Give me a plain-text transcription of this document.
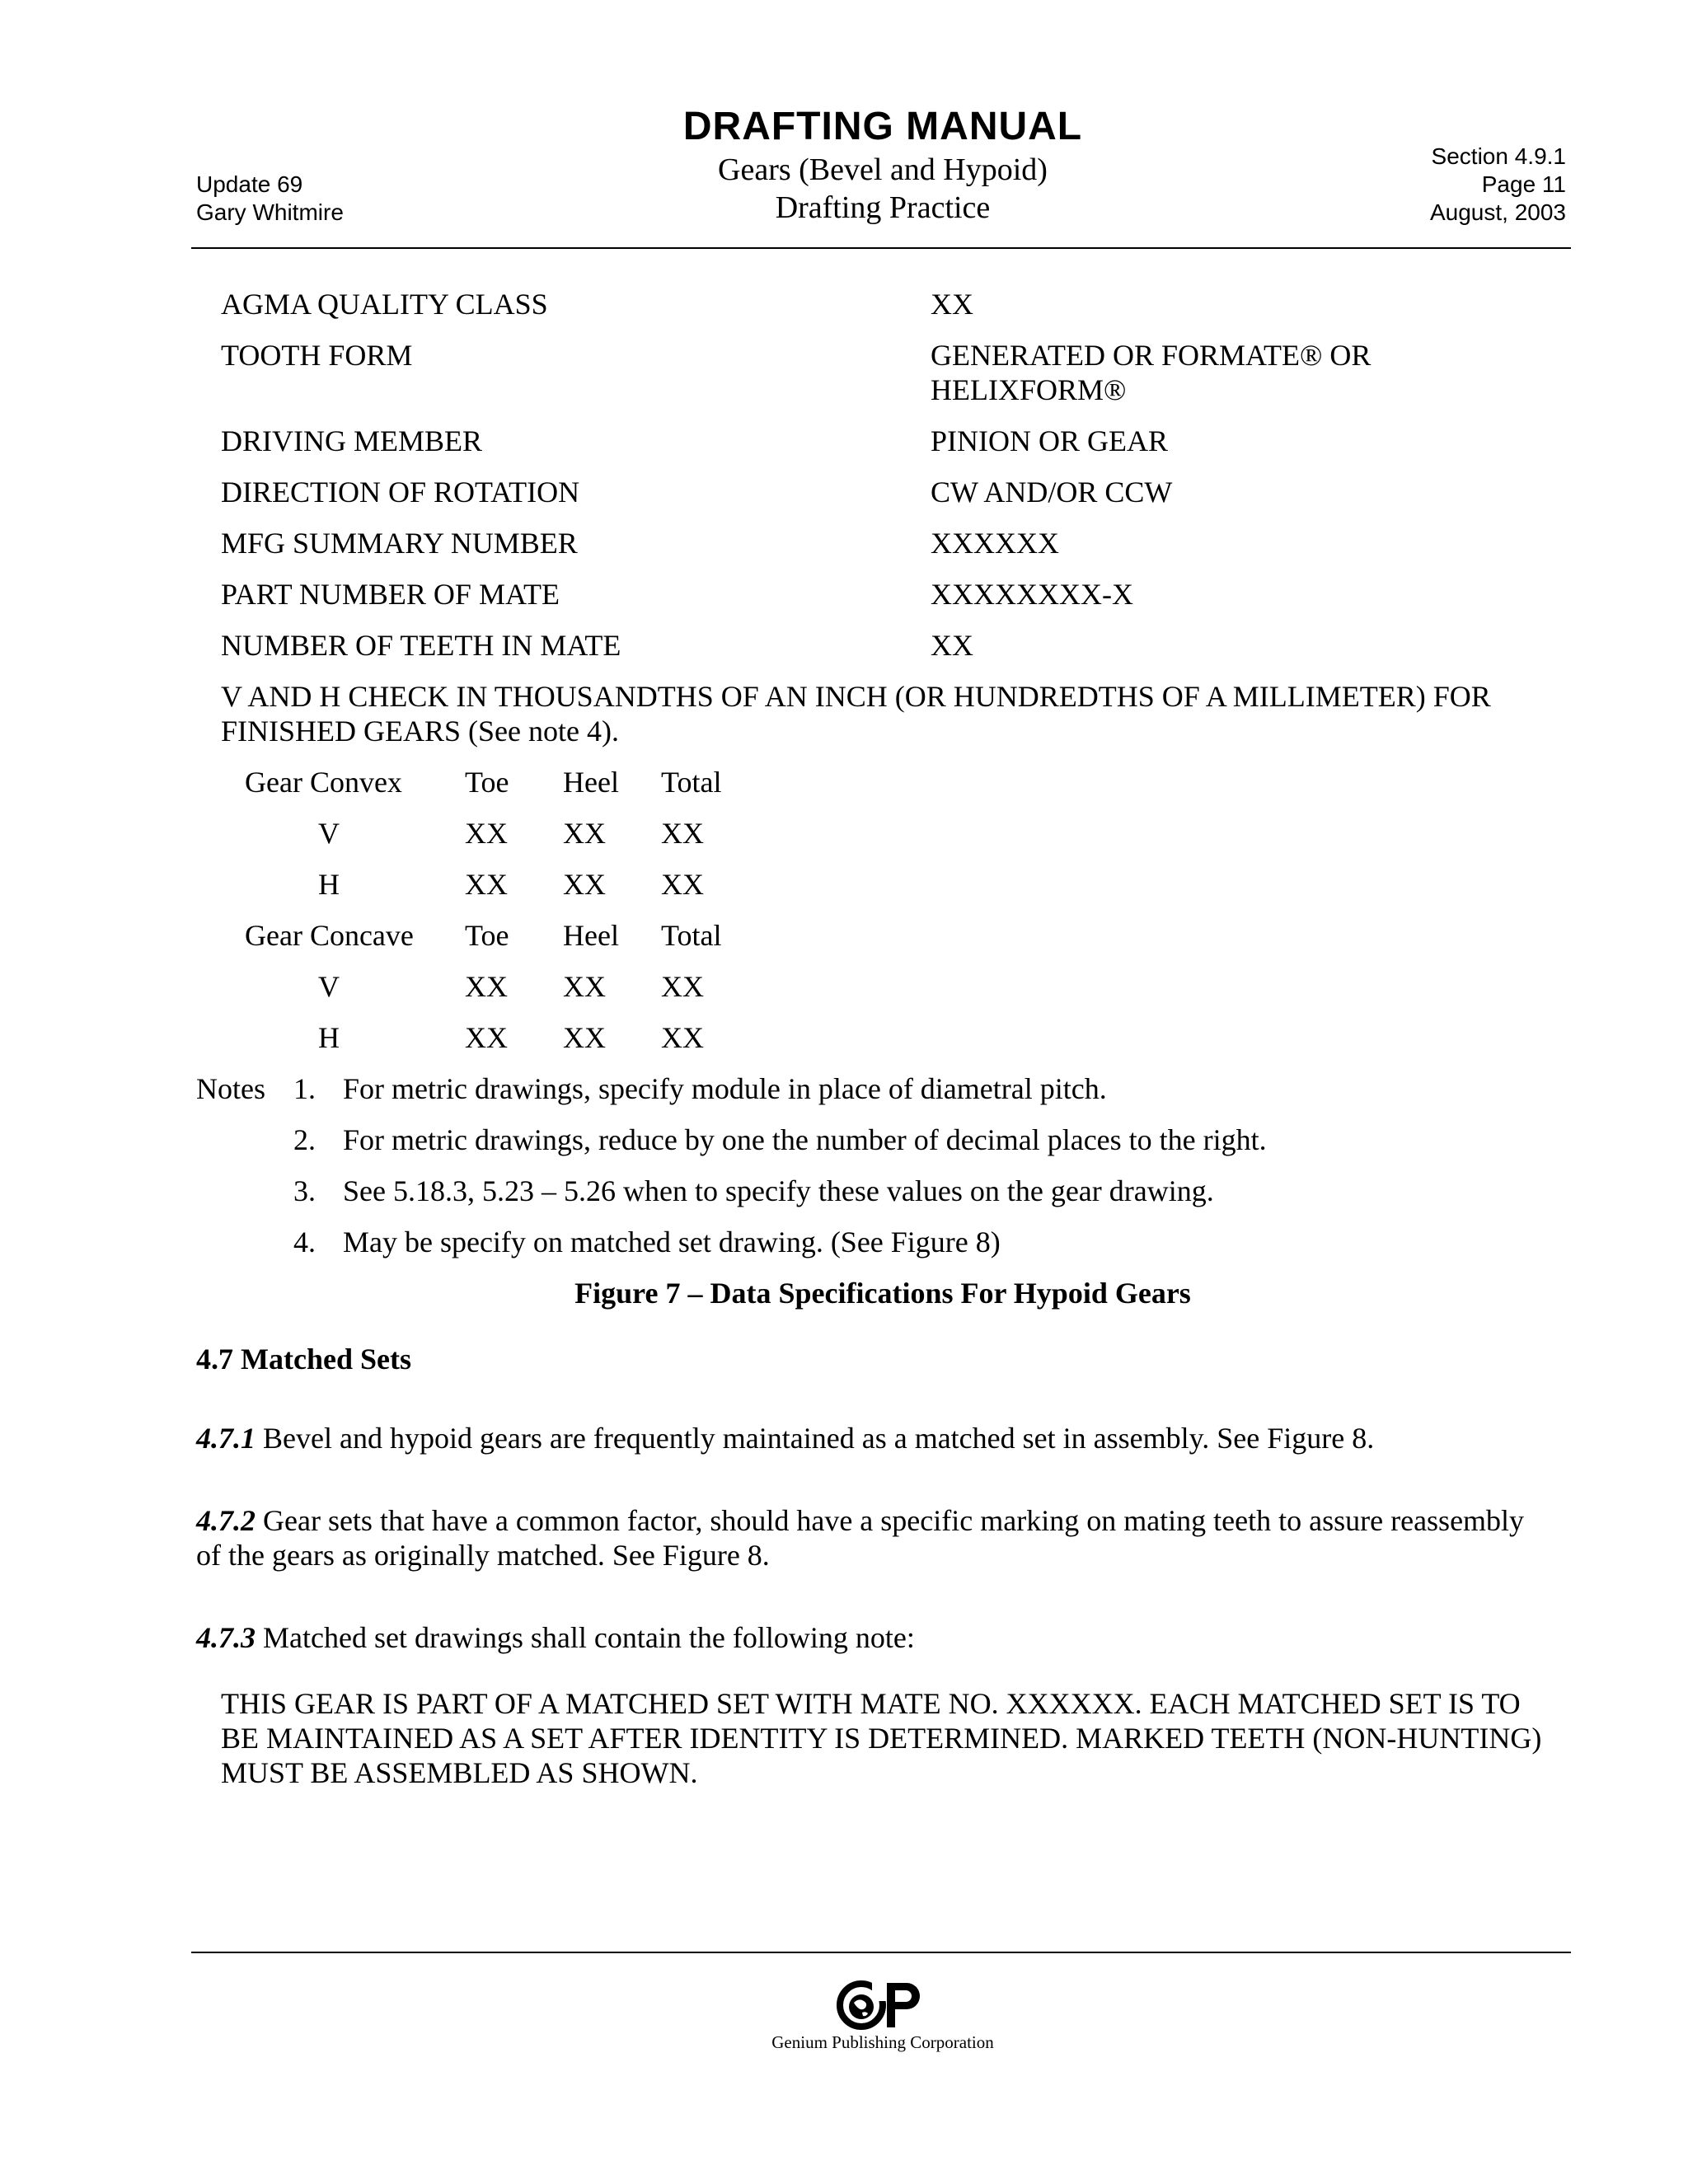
DRAFTING MANUAL
Gears (Bevel and Hypoid)
Drafting Practice
Update 69
Gary Whitmire
Section 4.9.1
Page 11
August, 2003
AGMA QUALITY CLASS	XX
TOOTH FORM	GENERATED OR FORMATE® OR
HELIXFORM®
DRIVING MEMBER	PINION OR GEAR
DIRECTION OF ROTATION	CW AND/OR CCW
MFG SUMMARY NUMBER	XXXXXX
PART NUMBER OF MATE	XXXXXXXX-X
NUMBER OF TEETH IN MATE	XX
V AND H CHECK IN THOUSANDTHS OF AN INCH (OR HUNDREDTHS OF A MILLIMETER) FOR
FINISHED GEARS (See note 4).
Gear Convex Toe Heel Total
V	XX XX XX
H	XX XX XX
Gear Concave Toe Heel Total
V	XX XX XX
H	XX XX XX
Notes 1. For metric drawings, specify module in place of diametral pitch.
2. For metric drawings, reduce by one the number of decimal places to the right.
3. See 5.18.3, 5.23 – 5.26 when to specify these values on the gear drawing.
4. May be specify on matched set drawing. (See Figure 8)
Figure 7 – Data Specifications For Hypoid Gears
4.7 Matched Sets
4.7.1 Bevel and hypoid gears are frequently maintained as a matched set in assembly. See Figure 8.
4.7.2 Gear sets that have a common factor, should have a specific marking on mating teeth to assure reassembly
of the gears as originally matched. See Figure 8.
4.7.3 Matched set drawings shall contain the following note:
THIS GEAR IS PART OF A MATCHED SET WITH MATE NO. XXXXXX. EACH MATCHED SET IS TO
BE MAINTAINED AS A SET AFTER IDENTITY IS DETERMINED. MARKED TEETH (NON-HUNTING)
MUST BE ASSEMBLED AS SHOWN.
Genium Publishing Corporation
